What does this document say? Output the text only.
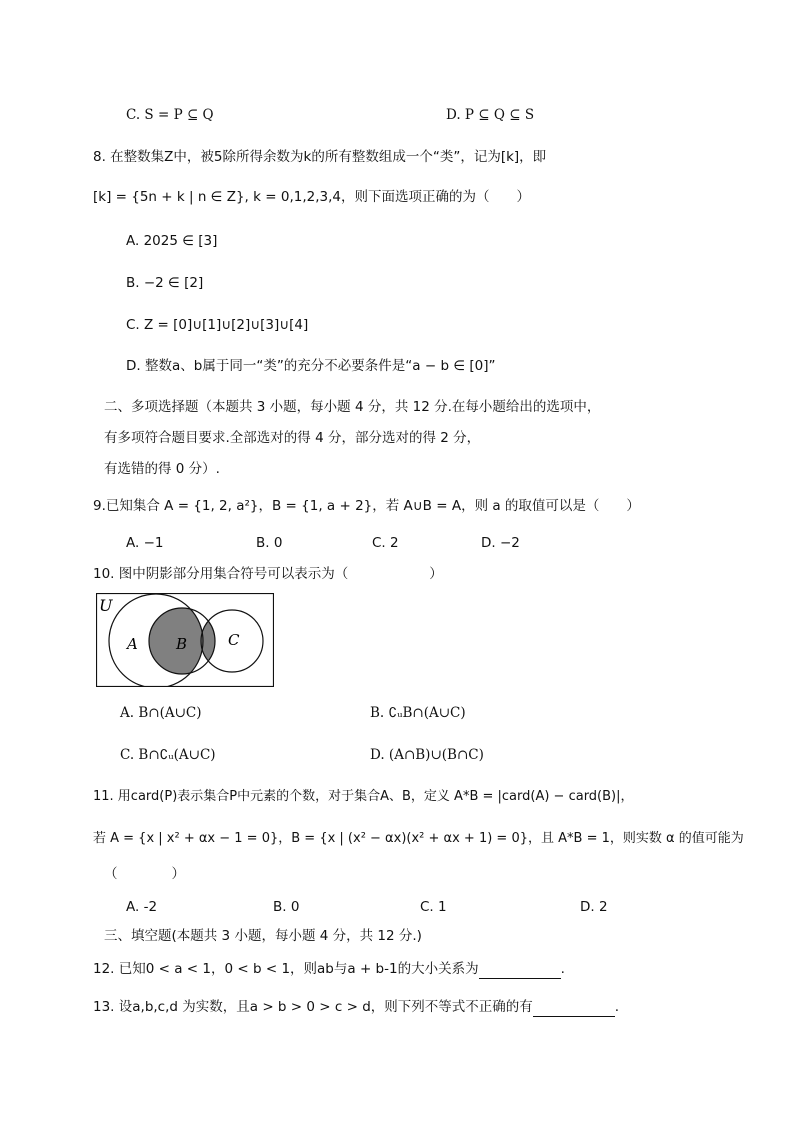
C. S = P ⊆ Q	D. P ⊆ Q ⊆ S
8. 在整数集Z中，被5除所得余数为k的所有整数组成一个“类”，记为[k]，即
[k] = {5n + k | n ∈ Z}, k = 0,1,2,3,4，则下面选项正确的为（　　）
A. 2025 ∈ [3]
B. −2 ∈ [2]
C. Z = [0]∪[1]∪[2]∪[3]∪[4]
D. 整数a、b属于同一“类”的充分不必要条件是“a − b ∈ [0]”
二、多项选择题（本题共 3 小题，每小题 4 分，共 12 分.在每小题给出的选项中，
有多项符合题目要求.全部选对的得 4 分，部分选对的得 2 分，
有选错的得 0 分）.
9.已知集合 A = {1, 2, a²}，B = {1, a + 2}，若 A∪B = A，则 a 的取值可以是（　　）
A. −1	B. 0	C. 2	D. −2
10. 图中阴影部分用集合符号可以表示为（　　　　　　）
U
A	B	C
A. B∩(A∪C)	B. ∁ᵤB∩(A∪C)
C. B∩∁ᵤ(A∪C)	D. (A∩B)∪(B∩C)
11. 用card(P)表示集合P中元素的个数，对于集合A、B，定义 A*B = |card(A) − card(B)|，
若 A = {x | x² + αx − 1 = 0}，B = {x | (x² − αx)(x² + αx + 1) = 0}，且 A*B = 1，则实数 α 的值可能为
（　　　　）
A. -2	B. 0	C. 1	D. 2
三、填空题(本题共 3 小题，每小题 4 分，共 12 分.)
12. 已知0 < a < 1，0 < b < 1，则ab与a + b-1的大小关系为	.
13. 设a,b,c,d 为实数，且a > b > 0 > c > d，则下列不等式不正确的有	.
